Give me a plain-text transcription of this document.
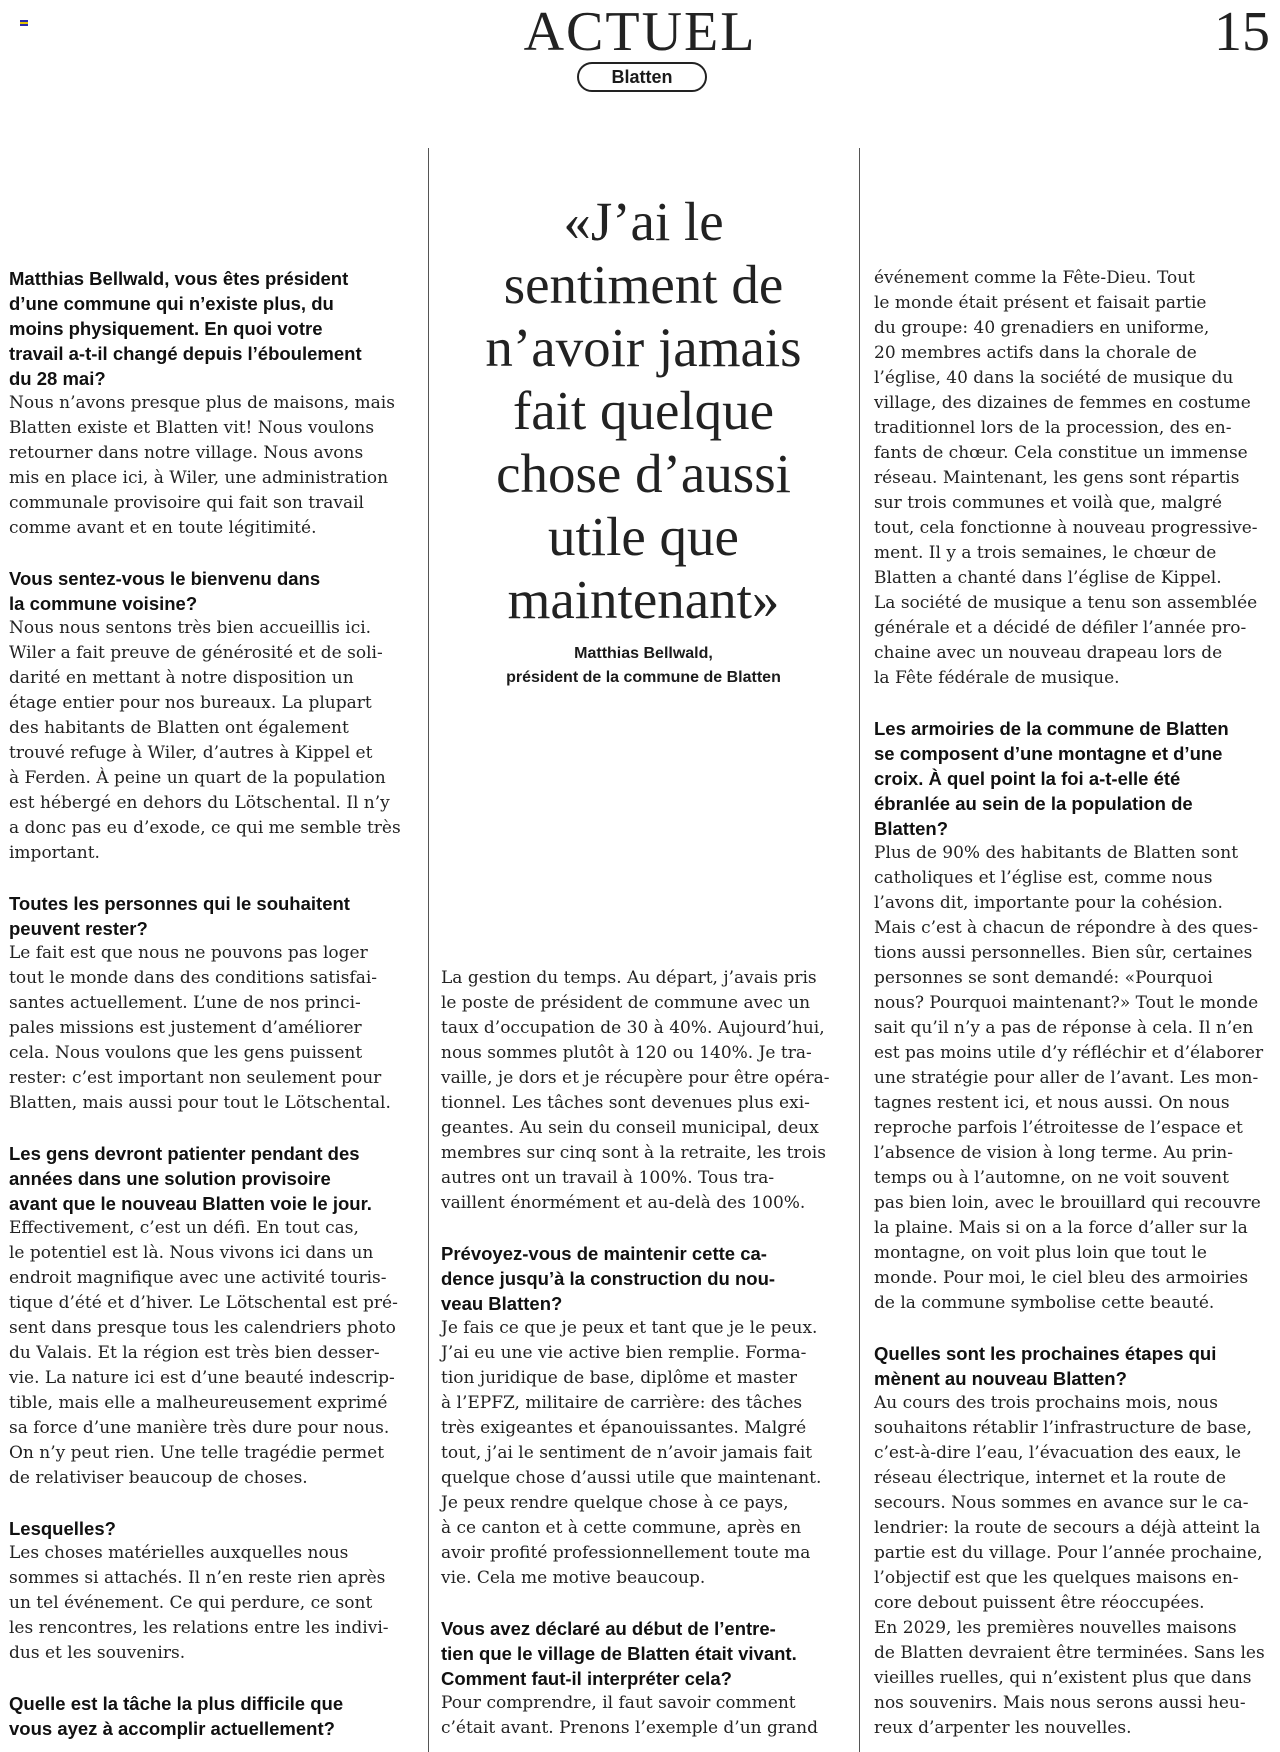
ACTUEL	15
Blatten
«J’ai le
sentiment de
n’avoir jamais
fait quelque
chose d’aussi
utile que
maintenant»
Matthias Bellwald,
président de la commune de Blatten
Matthias Bellwald, vous êtes président
d’une commune qui n’existe plus, du
moins physiquement. En quoi votre
travail a-t-il changé depuis l’éboulement
du 28 mai?
Nous n’avons presque plus de maisons, mais
Blatten existe et Blatten vit! Nous voulons
retourner dans notre village. Nous avons
mis en place ici, à Wiler, une administration
communale provisoire qui fait son travail
comme avant et en toute légitimité.
Vous sentez-vous le bienvenu dans
la commune voisine?
Nous nous sentons très bien accueillis ici.
Wiler a fait preuve de générosité et de soli-
darité en mettant à notre disposition un
étage entier pour nos bureaux. La plupart
des habitants de Blatten ont également
trouvé refuge à Wiler, d’autres à Kippel et
à Ferden. À peine un quart de la population
est hébergé en dehors du Lötschental. Il n’y
a donc pas eu d’exode, ce qui me semble très
important.
Toutes les personnes qui le souhaitent
peuvent rester?
Le fait est que nous ne pouvons pas loger
tout le monde dans des conditions satisfai-
santes actuellement. L’une de nos princi-
pales missions est justement d’améliorer
cela. Nous voulons que les gens puissent
rester: c’est important non seulement pour
Blatten, mais aussi pour tout le Lötschental.
Les gens devront patienter pendant des
années dans une solution provisoire
avant que le nouveau Blatten voie le jour.
Effectivement, c’est un défi. En tout cas,
le potentiel est là. Nous vivons ici dans un
endroit magnifique avec une activité touris-
tique d’été et d’hiver. Le Lötschental est pré-
sent dans presque tous les calendriers photo
du Valais. Et la région est très bien desser-
vie. La nature ici est d’une beauté indescrip-
tible, mais elle a malheureusement exprimé
sa force d’une manière très dure pour nous.
On n’y peut rien. Une telle tragédie permet
de relativiser beaucoup de choses.
Lesquelles?
Les choses matérielles auxquelles nous
sommes si attachés. Il n’en reste rien après
un tel événement. Ce qui perdure, ce sont
les rencontres, les relations entre les indivi-
dus et les souvenirs.
Quelle est la tâche la plus difficile que
vous ayez à accomplir actuellement?
La gestion du temps. Au départ, j’avais pris
le poste de président de commune avec un
taux d’occupation de 30 à 40%. Aujourd’hui,
nous sommes plutôt à 120 ou 140%. Je tra-
vaille, je dors et je récupère pour être opéra-
tionnel. Les tâches sont devenues plus exi-
geantes. Au sein du conseil municipal, deux
membres sur cinq sont à la retraite, les trois
autres ont un travail à 100%. Tous tra-
vaillent énormément et au-delà des 100%.
Prévoyez-vous de maintenir cette ca-
dence jusqu’à la construction du nou-
veau Blatten?
Je fais ce que je peux et tant que je le peux.
J’ai eu une vie active bien remplie. Forma-
tion juridique de base, diplôme et master
à l’EPFZ, militaire de carrière: des tâches
très exigeantes et épanouissantes. Malgré
tout, j’ai le sentiment de n’avoir jamais fait
quelque chose d’aussi utile que maintenant.
Je peux rendre quelque chose à ce pays,
à ce canton et à cette commune, après en
avoir profité professionnellement toute ma
vie. Cela me motive beaucoup.
Vous avez déclaré au début de l’entre-
tien que le village de Blatten était vivant.
Comment faut-il interpréter cela?
Pour comprendre, il faut savoir comment
c’était avant. Prenons l’exemple d’un grand
événement comme la Fête-Dieu. Tout
le monde était présent et faisait partie
du groupe: 40 grenadiers en uniforme,
20 membres actifs dans la chorale de
l’église, 40 dans la société de musique du
village, des dizaines de femmes en costume
traditionnel lors de la procession, des en-
fants de chœur. Cela constitue un immense
réseau. Maintenant, les gens sont répartis
sur trois communes et voilà que, malgré
tout, cela fonctionne à nouveau progressive-
ment. Il y a trois semaines, le chœur de
Blatten a chanté dans l’église de Kippel.
La société de musique a tenu son assemblée
générale et a décidé de défiler l’année pro-
chaine avec un nouveau drapeau lors de
la Fête fédérale de musique.
Les armoiries de la commune de Blatten
se composent d’une montagne et d’une
croix. À quel point la foi a-t-elle été
ébranlée au sein de la population de
Blatten?
Plus de 90% des habitants de Blatten sont
catholiques et l’église est, comme nous
l’avons dit, importante pour la cohésion.
Mais c’est à chacun de répondre à des ques-
tions aussi personnelles. Bien sûr, certaines
personnes se sont demandé: «Pourquoi
nous? Pourquoi maintenant?» Tout le monde
sait qu’il n’y a pas de réponse à cela. Il n’en
est pas moins utile d’y réfléchir et d’élaborer
une stratégie pour aller de l’avant. Les mon-
tagnes restent ici, et nous aussi. On nous
reproche parfois l’étroitesse de l’espace et
l’absence de vision à long terme. Au prin-
temps ou à l’automne, on ne voit souvent
pas bien loin, avec le brouillard qui recouvre
la plaine. Mais si on a la force d’aller sur la
montagne, on voit plus loin que tout le
monde. Pour moi, le ciel bleu des armoiries
de la commune symbolise cette beauté.
Quelles sont les prochaines étapes qui
mènent au nouveau Blatten?
Au cours des trois prochains mois, nous
souhaitons rétablir l’infrastructure de base,
c’est-à-dire l’eau, l’évacuation des eaux, le
réseau électrique, internet et la route de
secours. Nous sommes en avance sur le ca-
lendrier: la route de secours a déjà atteint la
partie est du village. Pour l’année prochaine,
l’objectif est que les quelques maisons en-
core debout puissent être réoccupées.
En 2029, les premières nouvelles maisons
de Blatten devraient être terminées. Sans les
vieilles ruelles, qui n’existent plus que dans
nos souvenirs. Mais nous serons aussi heu-
reux d’arpenter les nouvelles.
